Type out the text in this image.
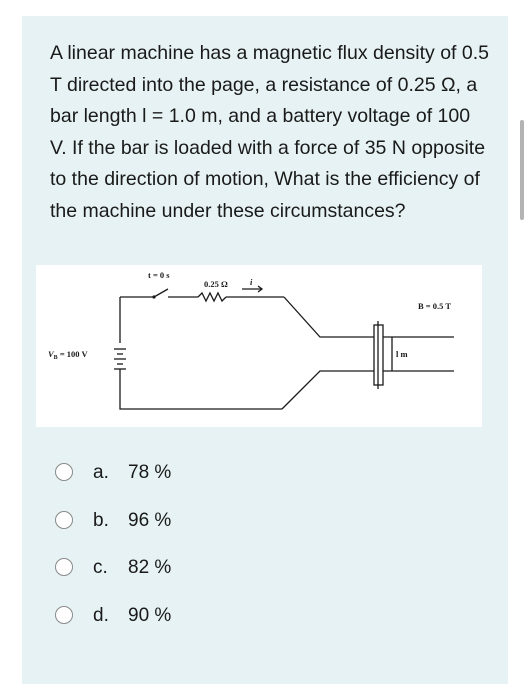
A linear machine has a magnetic flux density of 0.5 T directed into the page, a resistance of 0.25 Ω, a bar length l = 1.0 m, and a battery voltage of 100 V. If the bar is loaded with a force of 35 N opposite to the direction of motion, What is the efficiency of the machine under these circumstances?

t = 0 s
0.25 Ω	i
B = 0.5 T
$V_B = 100$ V	l m
a. 78 %
b. 96 %
c. 82 %
d. 90 %
